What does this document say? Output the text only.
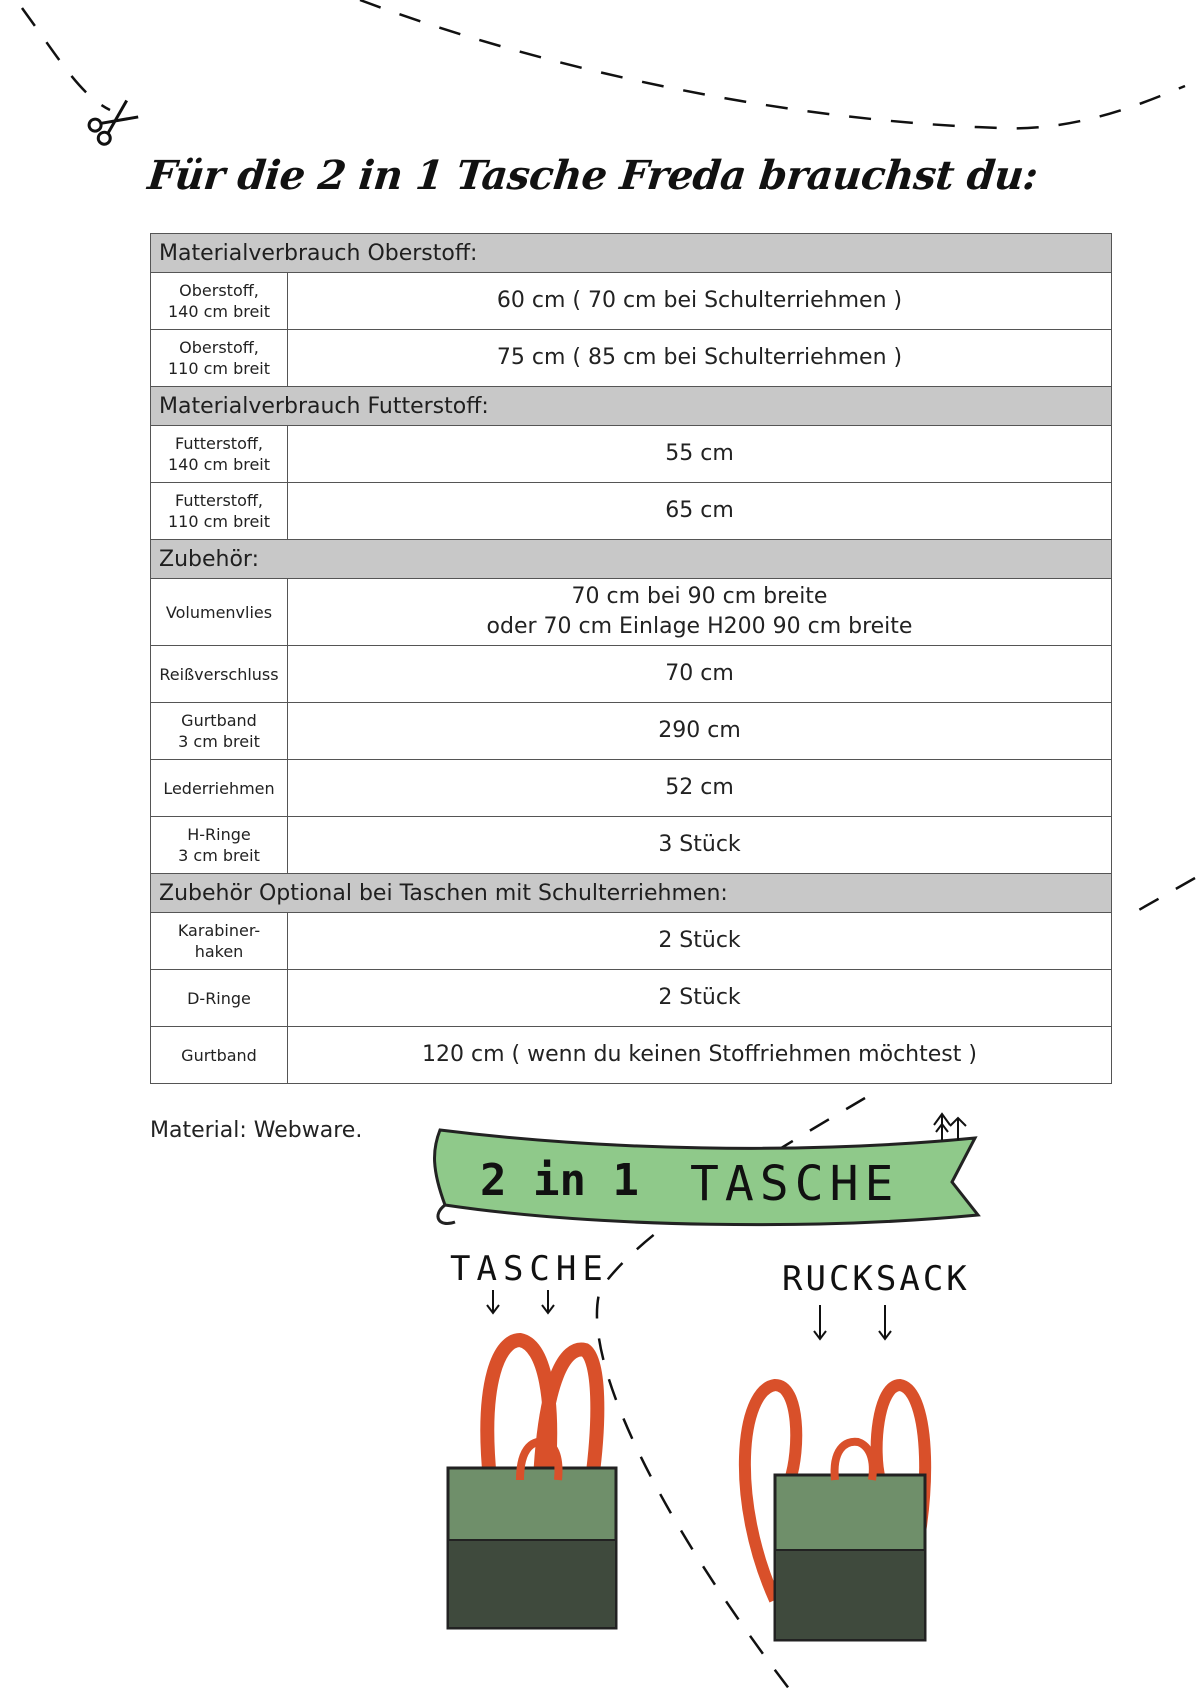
Für die 2 in 1 Tasche Freda brauchst du:
Materialverbrauch Oberstoff:	

Oberstoff,
140 cm breit	60 cm ( 70 cm bei Schulterriehmen )

Oberstoff,
110 cm breit	75 cm ( 85 cm bei Schulterriehmen )

Materialverbrauch Futterstoff:	

Futterstoff,
140 cm breit	55 cm

Futterstoff,
110 cm breit	65 cm

Zubehör:	

Volumenvlies	70 cm bei 90 cm breite
oder 70 cm Einlage H200 90 cm breite

Reißverschluss	70 cm

Gurtband
3 cm breit	290 cm

Lederriehmen	52 cm

H-Ringe
3 cm breit	3 Stück

Zubehör Optional bei Taschen mit Schulterriehmen:	

Karabiner-
haken	2 Stück

D-Ringe	2 Stück

Gurtband	120 cm ( wenn du keinen Stoffriehmen möchtest )
Material: Webware.
2 in 1 TASCHE
TASCHE	RUCKSACK
